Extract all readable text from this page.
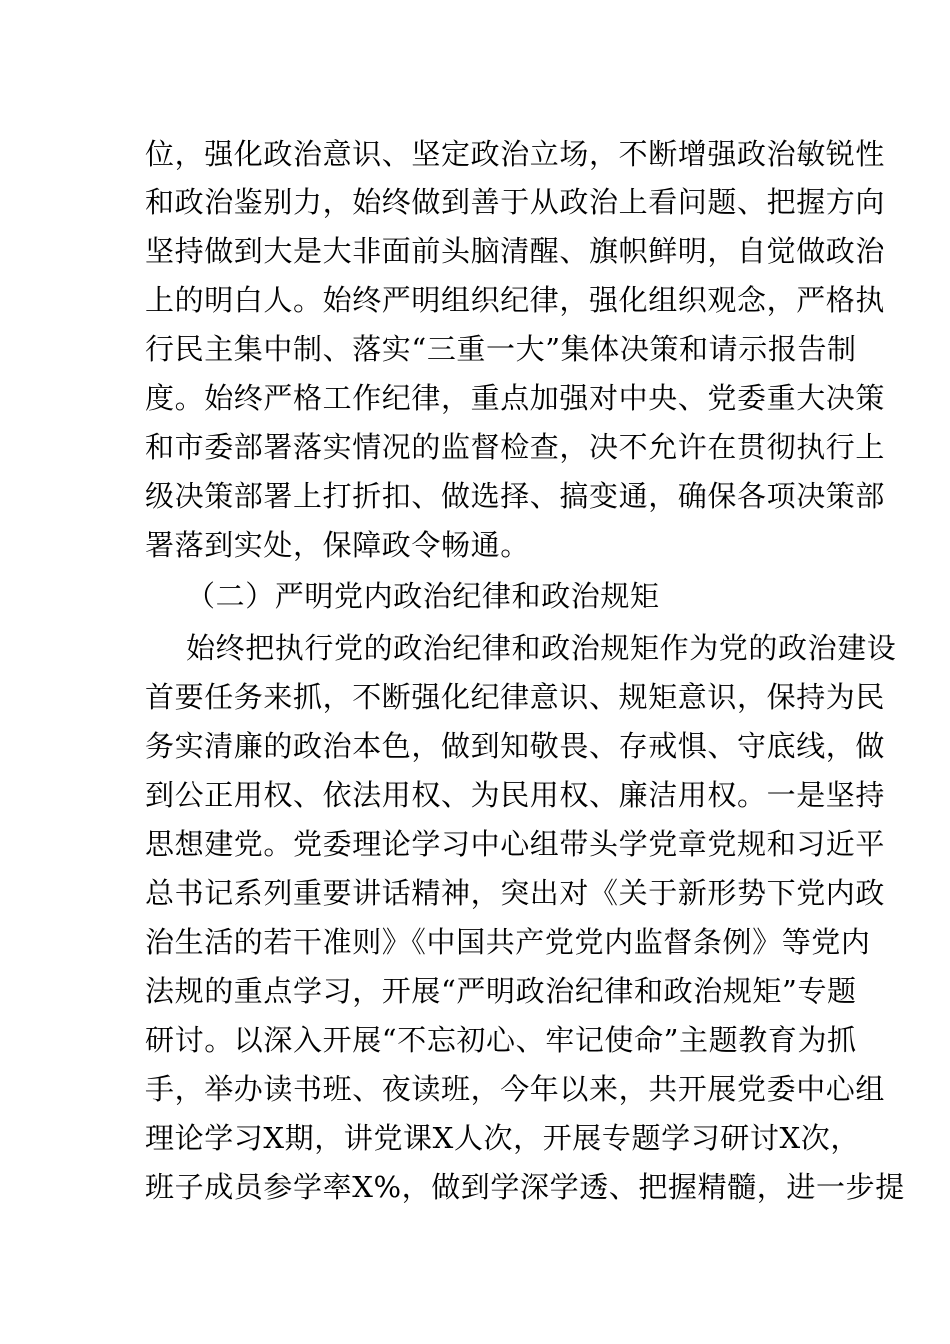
位，强化政治意识、坚定政治立场，不断增强政治敏锐性
和政治鉴别力，始终做到善于从政治上看问题、把握方向
坚持做到大是大非面前头脑清醒、旗帜鲜明，自觉做政治
上的明白人。始终严明组织纪律，强化组织观念，严格执
行民主集中制、落实“三重一大”集体决策和请示报告制
度。始终严格工作纪律，重点加强对中央、党委重大决策
和市委部署落实情况的监督检查，决不允许在贯彻执行上
级决策部署上打折扣、做选择、搞变通，确保各项决策部
署落到实处，保障政令畅通。
（二）严明党内政治纪律和政治规矩
始终把执行党的政治纪律和政治规矩作为党的政治建设
首要任务来抓，不断强化纪律意识、规矩意识，保持为民
务实清廉的政治本色，做到知敬畏、存戒惧、守底线，做
到公正用权、依法用权、为民用权、廉洁用权。一是坚持
思想建党。党委理论学习中心组带头学党章党规和习近平
总书记系列重要讲话精神，突出对《关于新形势下党内政
治生活的若干准则》《中国共产党党内监督条例》等党内
法规的重点学习，开展“严明政治纪律和政治规矩”专题
研讨。以深入开展“不忘初心、牢记使命”主题教育为抓
手，举办读书班、夜读班，今年以来，共开展党委中心组
理论学习X期，讲党课X人次，开展专题学习研讨X次，
班子成员参学率X%，做到学深学透、把握精髓，进一步提
